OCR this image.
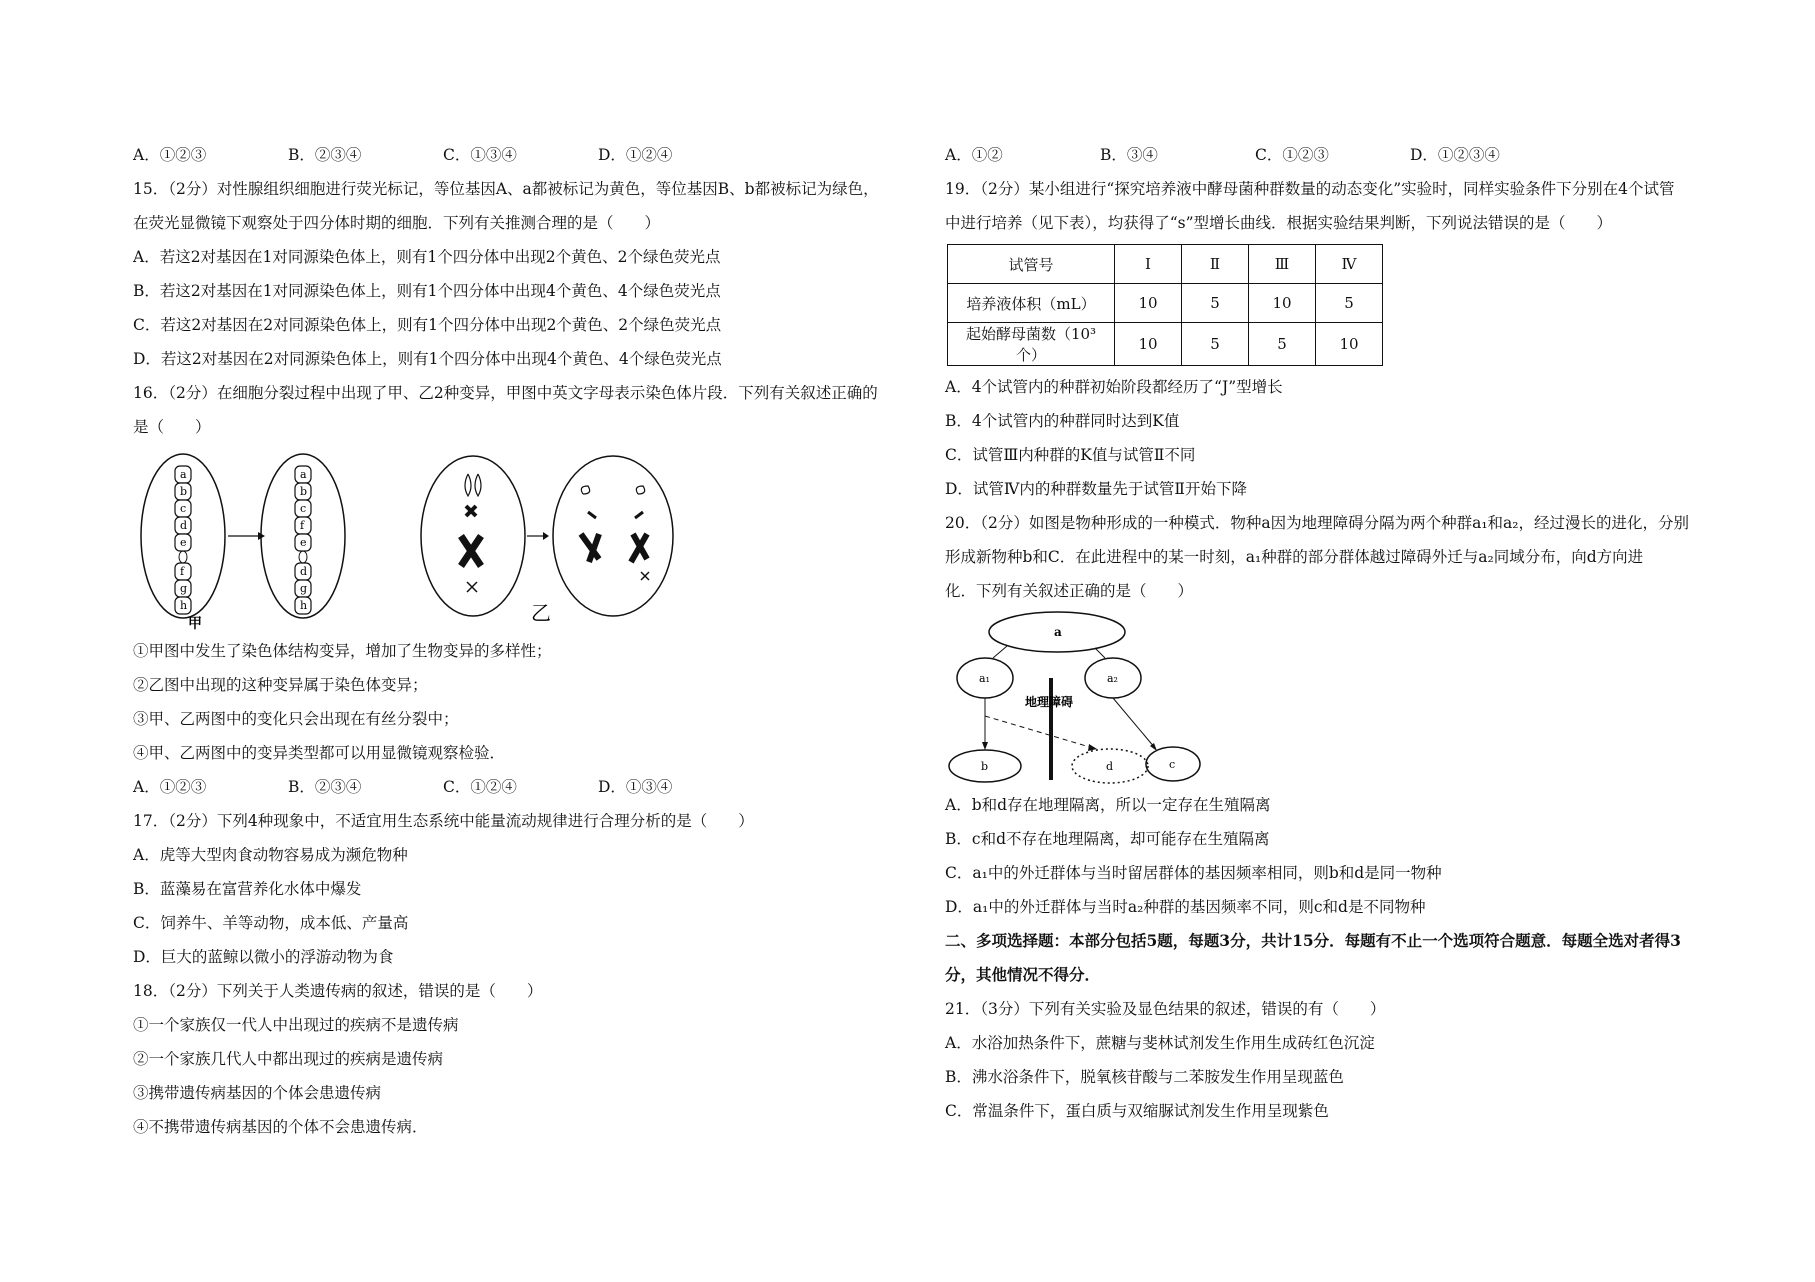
A．①②③	B．②③④	C．①③④	D．①②④
15．（2分）对性腺组织细胞进行荧光标记，等位基因A、a都被标记为黄色，等位基因B、b都被标记为绿色，
在荧光显微镜下观察处于四分体时期的细胞．下列有关推测合理的是（　　）
A．若这2对基因在1对同源染色体上，则有1个四分体中出现2个黄色、2个绿色荧光点
B．若这2对基因在1对同源染色体上，则有1个四分体中出现4个黄色、4个绿色荧光点
C．若这2对基因在2对同源染色体上，则有1个四分体中出现2个黄色、2个绿色荧光点
D．若这2对基因在2对同源染色体上，则有1个四分体中出现4个黄色、4个绿色荧光点
16．（2分）在细胞分裂过程中出现了甲、乙2种变异，甲图中英文字母表示染色体片段．下列有关叙述正确的
是（　　）
a
b
c
d
e
f
g
h
a
b
c
f
e
d
g
h
甲	乙
①甲图中发生了染色体结构变异，增加了生物变异的多样性；
②乙图中出现的这种变异属于染色体变异；
③甲、乙两图中的变化只会出现在有丝分裂中；
④甲、乙两图中的变异类型都可以用显微镜观察检验．
A．①②③	B．②③④	C．①②④	D．①③④
17．（2分）下列4种现象中，不适宜用生态系统中能量流动规律进行合理分析的是（　　）
A．虎等大型肉食动物容易成为濒危物种
B．蓝藻易在富营养化水体中爆发
C．饲养牛、羊等动物，成本低、产量高
D．巨大的蓝鲸以微小的浮游动物为食
18．（2分）下列关于人类遗传病的叙述，错误的是（　　）
①一个家族仅一代人中出现过的疾病不是遗传病
②一个家族几代人中都出现过的疾病是遗传病
③携带遗传病基因的个体会患遗传病
④不携带遗传病基因的个体不会患遗传病．
A．①②	B．③④	C．①②③	D．①②③④
19．（2分）某小组进行“探究培养液中酵母菌种群数量的动态变化”实验时，同样实验条件下分别在4个试管
中进行培养（见下表），均获得了“s”型增长曲线．根据实验结果判断，下列说法错误的是（　　）
试管号	Ⅰ	Ⅱ	Ⅲ	Ⅳ
培养液体积（mL）	10	5	10	5
起始酵母菌数（10³个）	10	5	5	10
A．4个试管内的种群初始阶段都经历了“J”型增长
B．4个试管内的种群同时达到K值
C．试管Ⅲ内种群的K值与试管Ⅱ不同
D．试管Ⅳ内的种群数量先于试管Ⅱ开始下降
20．（2分）如图是物种形成的一种模式．物种a因为地理障碍分隔为两个种群a₁和a₂，经过漫长的进化，分别
形成新物种b和C．在此进程中的某一时刻，a₁种群的部分群体越过障碍外迁与a₂同域分布，向d方向进
化．下列有关叙述正确的是（　　）
a
a₁	a₂
地理障碍
b	d	c
A．b和d存在地理隔离，所以一定存在生殖隔离
B．c和d不存在地理隔离，却可能存在生殖隔离
C．a₁中的外迁群体与当时留居群体的基因频率相同，则b和d是同一物种
D．a₁中的外迁群体与当时a₂种群的基因频率不同，则c和d是不同物种
二、多项选择题：本部分包括5题，每题3分，共计15分．每题有不止一个选项符合题意．每题全选对者得3
分，其他情况不得分．
21．（3分）下列有关实验及显色结果的叙述，错误的有（　　）
A．水浴加热条件下，蔗糖与斐林试剂发生作用生成砖红色沉淀
B．沸水浴条件下，脱氧核苷酸与二苯胺发生作用呈现蓝色
C．常温条件下，蛋白质与双缩脲试剂发生作用呈现紫色
